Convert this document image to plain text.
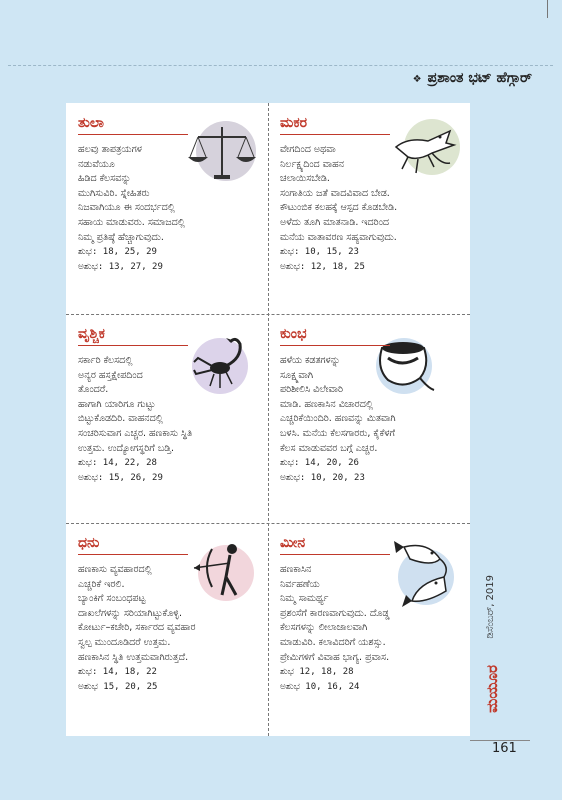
❖ ಪ್ರಶಾಂತ ಭಟ್ ಹೆಗ್ಗಾರ್
ತುಲಾ
ಹಲವು ತಾಪತ್ರಯಗಳ
ನಡುವೆಯೂ
ಹಿಡಿದ ಕೆಲಸವನ್ನು
ಮುಗಿಸುವಿರಿ. ಸ್ನೇಹಿತರು
ನಿಜವಾಗಿಯೂ ಈ ಸಂದರ್ಭದಲ್ಲಿ
ಸಹಾಯ ಮಾಡುವರು. ಸಮಾಜದಲ್ಲಿ
ನಿಮ್ಮ ಪ್ರತಿಷ್ಠೆ ಹೆಚ್ಚಾಗುವುದು.
ಶುಭ: 18, 25, 29
ಅಶುಭ: 13, 27, 29
ಮಕರ
ವೇಗದಿಂದ ಅಥವಾ
ನಿರ್ಲಕ್ಷ್ಯದಿಂದ ವಾಹನ
ಚಲಾಯಿಸಬೇಡಿ.
ಸಂಗಾತಿಯ ಜತೆ ವಾದವಿವಾದ ಬೇಡ.
ಕೌಟುಂಬಿಕ ಕಲಹಕ್ಕೆ ಆಸ್ಪದ ಕೊಡಬೇಡಿ.
ಅಳೆದು ತೂಗಿ ಮಾತನಾಡಿ. ಇದರಿಂದ
ಮನೆಯ ವಾತಾವರಣ ಸಹ್ಯವಾಗುವುದು.
ಶುಭ: 10, 15, 23
ಅಶುಭ: 12, 18, 25
ವೃಶ್ಚಿಕ
ಸರ್ಕಾರಿ ಕೆಲಸದಲ್ಲಿ
ಅನ್ಯರ ಹಸ್ತಕ್ಷೇಪದಿಂದ
ತೊಂದರೆ.
ಹಾಗಾಗಿ ಯಾರಿಗೂ ಗುಟ್ಟು
ಬಿಟ್ಟುಕೊಡದಿರಿ. ವಾಹನದಲ್ಲಿ
ಸಂಚರಿಸುವಾಗ ಎಚ್ಚರ. ಹಣಕಾಸು ಸ್ಥಿತಿ
ಉತ್ತಮ. ಉದ್ಯೋಗಸ್ಥರಿಗೆ ಬಡ್ತಿ.
ಶುಭ: 14, 22, 28
ಅಶುಭ: 15, 26, 29
ಕುಂಭ
ಹಳೆಯ ಕಡತಗಳನ್ನು
ಸೂಕ್ಷ್ಮವಾಗಿ
ಪರಿಶೀಲಿಸಿ ವಿಲೇವಾರಿ
ಮಾಡಿ. ಹಣಕಾಸಿನ ವಿಚಾರದಲ್ಲಿ
ಎಚ್ಚರಿಕೆಯಿಂದಿರಿ. ಹಣವನ್ನು ಮಿತವಾಗಿ
ಬಳಸಿ. ಮನೆಯ ಕೆಲಸಗಾರರು, ಕೈಕೆಳಗೆ
ಕೆಲಸ ಮಾಡುವವರ ಬಗ್ಗೆ ಎಚ್ಚರ.
ಶುಭ: 14, 20, 26
ಅಶುಭ: 10, 20, 23
ಧನು
ಹಣಕಾಸು ವ್ಯವಹಾರದಲ್ಲಿ
ಎಚ್ಚರಿಕೆ ಇರಲಿ.
ಬ್ಯಾಂಕಿಗೆ ಸಂಬಂಧಪಟ್ಟ
ದಾಖಲೆಗಳನ್ನು ಸರಿಯಾಗಿಟ್ಟುಕೊಳ್ಳಿ.
ಕೋರ್ಟು–ಕಚೇರಿ, ಸರ್ಕಾರದ ವ್ಯವಹಾರ
ಸ್ವಲ್ಪ ಮುಂದೂಡಿದರೆ ಉತ್ತಮ.
ಹಣಕಾಸಿನ ಸ್ಥಿತಿ ಉತ್ತಮವಾಗಿರುತ್ತದೆ.
ಶುಭ: 14, 18, 22
ಅಶುಭ 15, 20, 25
ಮೀನ
ಹಣಕಾಸಿನ
ನಿರ್ವಹಣೆಯ
ನಿಮ್ಮ ಸಾಮರ್ಥ್ಯ
ಪ್ರಶಂಸೆಗೆ ಕಾರಣವಾಗುವುದು. ದೊಡ್ಡ
ಕೆಲಸಗಳನ್ನು ಲೀಲಾಜಾಲವಾಗಿ
ಮಾಡುವಿರಿ. ಕಲಾವಿದರಿಗೆ ಯಶಸ್ಸು.
ಪ್ರೇಮಿಗಳಿಗೆ ವಿವಾಹ ಭಾಗ್ಯ. ಪ್ರವಾಸ.
ಶುಭ 12, 18, 28
ಅಶುಭ 10, 16, 24
ಡಿಸೆಂಬರ್, 2019
ಮಯೂರ
161
